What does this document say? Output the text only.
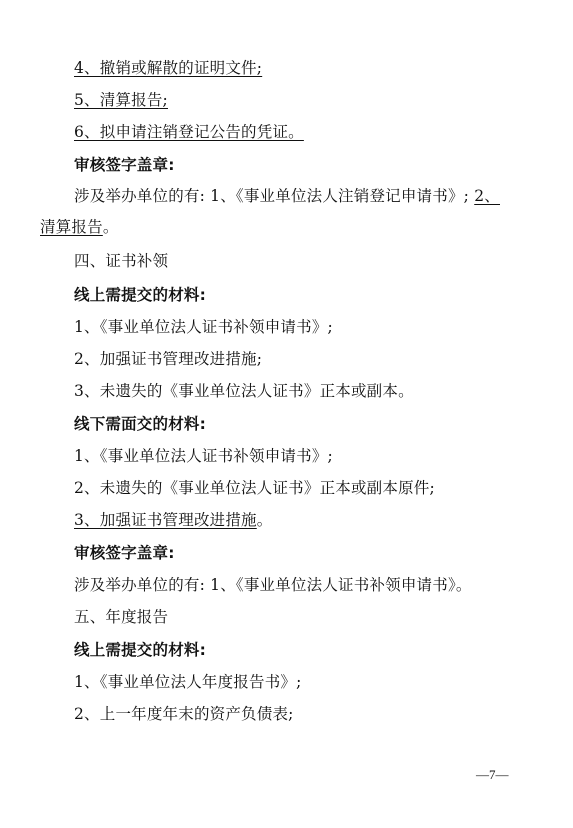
4、撤销或解散的证明文件;
5、清算报告;
6、拟申请注销登记公告的凭证。
审核签字盖章:
涉及举办单位的有: 1、《事业单位法人注销登记申请书》; 2、
清算报告。
四、证书补领
线上需提交的材料:
1、《事业单位法人证书补领申请书》;
2、加强证书管理改进措施;
3、未遗失的《事业单位法人证书》正本或副本。
线下需面交的材料:
1、《事业单位法人证书补领申请书》;
2、未遗失的《事业单位法人证书》正本或副本原件;
3、加强证书管理改进措施。
审核签字盖章:
涉及举办单位的有: 1、《事业单位法人证书补领申请书》。
五、年度报告
线上需提交的材料:
1、《事业单位法人年度报告书》;
2、上一年度年末的资产负债表;
—7—
